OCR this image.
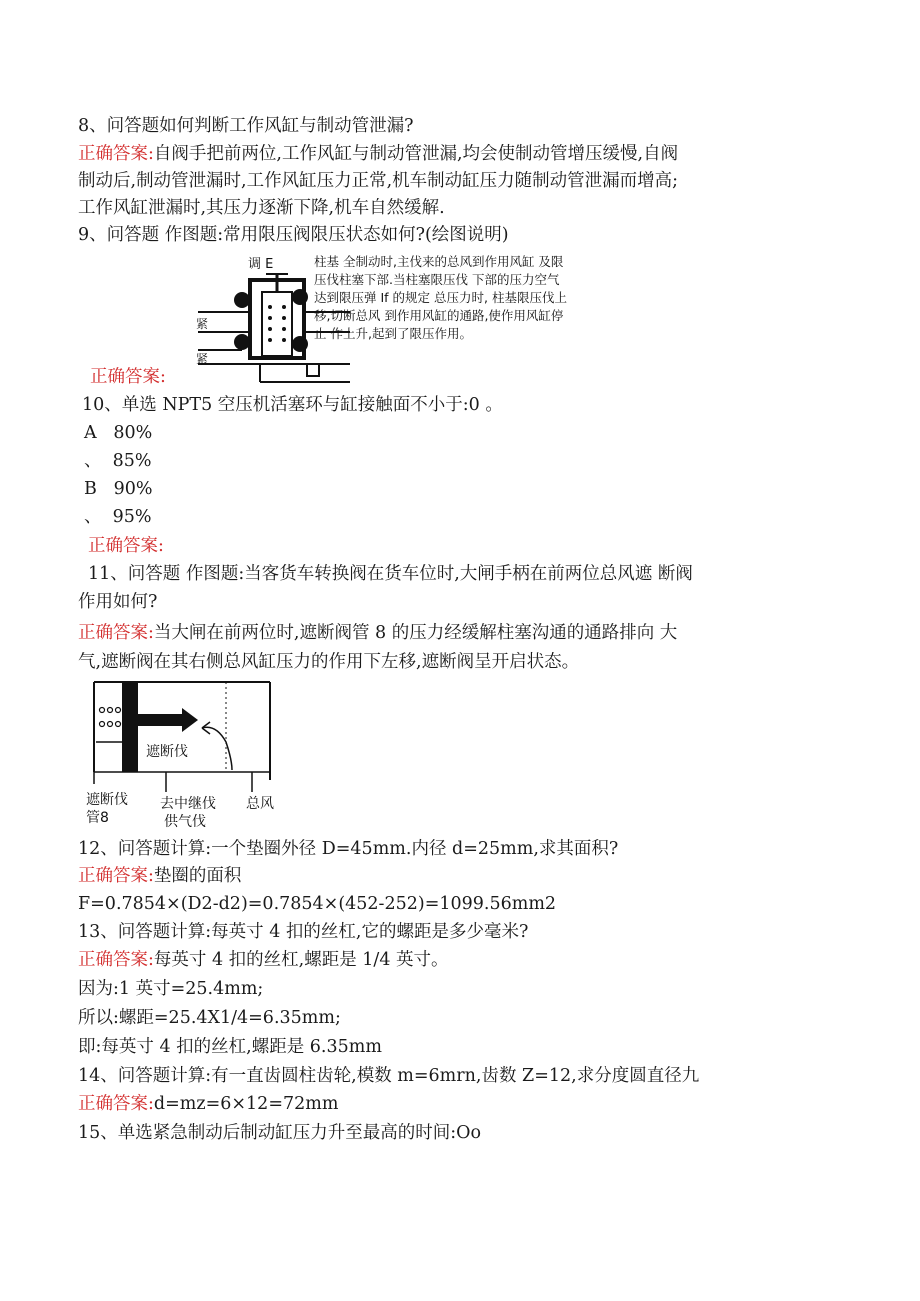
8、问答题如何判断工作风缸与制动管泄漏?
正确答案:自阀手把前两位,工作风缸与制动管泄漏,均会使制动管增压缓慢,自阀
制动后,制动管泄漏时,工作风缸压力正常,机车制动缸压力随制动管泄漏而增高;
工作风缸泄漏时,其压力逐渐下降,机车自然缓解.
9、问答题 作图题:常用限压阀限压状态如何?(绘图说明)
调 E
紧
紧
柱基 全制动时,主伐来的总风到作用风缸 及限
压伐柱塞下部.当柱塞限压伐 下部的压力空气
达到限压弹 If 的规定 总压力时, 柱基限压伐上
移,切断总风 到作用风缸的通路,使作用风缸停
止 作上升,起到了限压作用。
正确答案:
10、单选 NPT5 空压机活塞环与缸接触面不小于:0 。
A 80%
、 85%
B 90%
、 95%
正确答案:
11、问答题 作图题:当客货车转换阀在货车位时,大闸手柄在前两位总风遮 断阀
作用如何?
正确答案:当大闸在前两位时,遮断阀管 8 的压力经缓解柱塞沟通的通路排向 大
气,遮断阀在其右侧总风缸压力的作用下左移,遮断阀呈开启状态。
遮断伐
遮断伐
管8
去中继伐
供气伐
总风
12、问答题计算:一个垫圈外径 D=45mm.内径 d=25mm,求其面积?
正确答案:垫圈的面积
F=0.7854×(D2-d2)=0.7854×(452-252)=1099.56mm2
13、问答题计算:每英寸 4 扣的丝杠,它的螺距是多少毫米?
正确答案:每英寸 4 扣的丝杠,螺距是 1/4 英寸。
因为:1 英寸=25.4mm;
所以:螺距=25.4X1/4=6.35mm;
即:每英寸 4 扣的丝杠,螺距是 6.35mm
14、问答题计算:有一直齿圆柱齿轮,模数 m=6mrn,齿数 Z=12,求分度圆直径九
正确答案:d=mz=6×12=72mm
15、单选紧急制动后制动缸压力升至最高的时间:Oo
